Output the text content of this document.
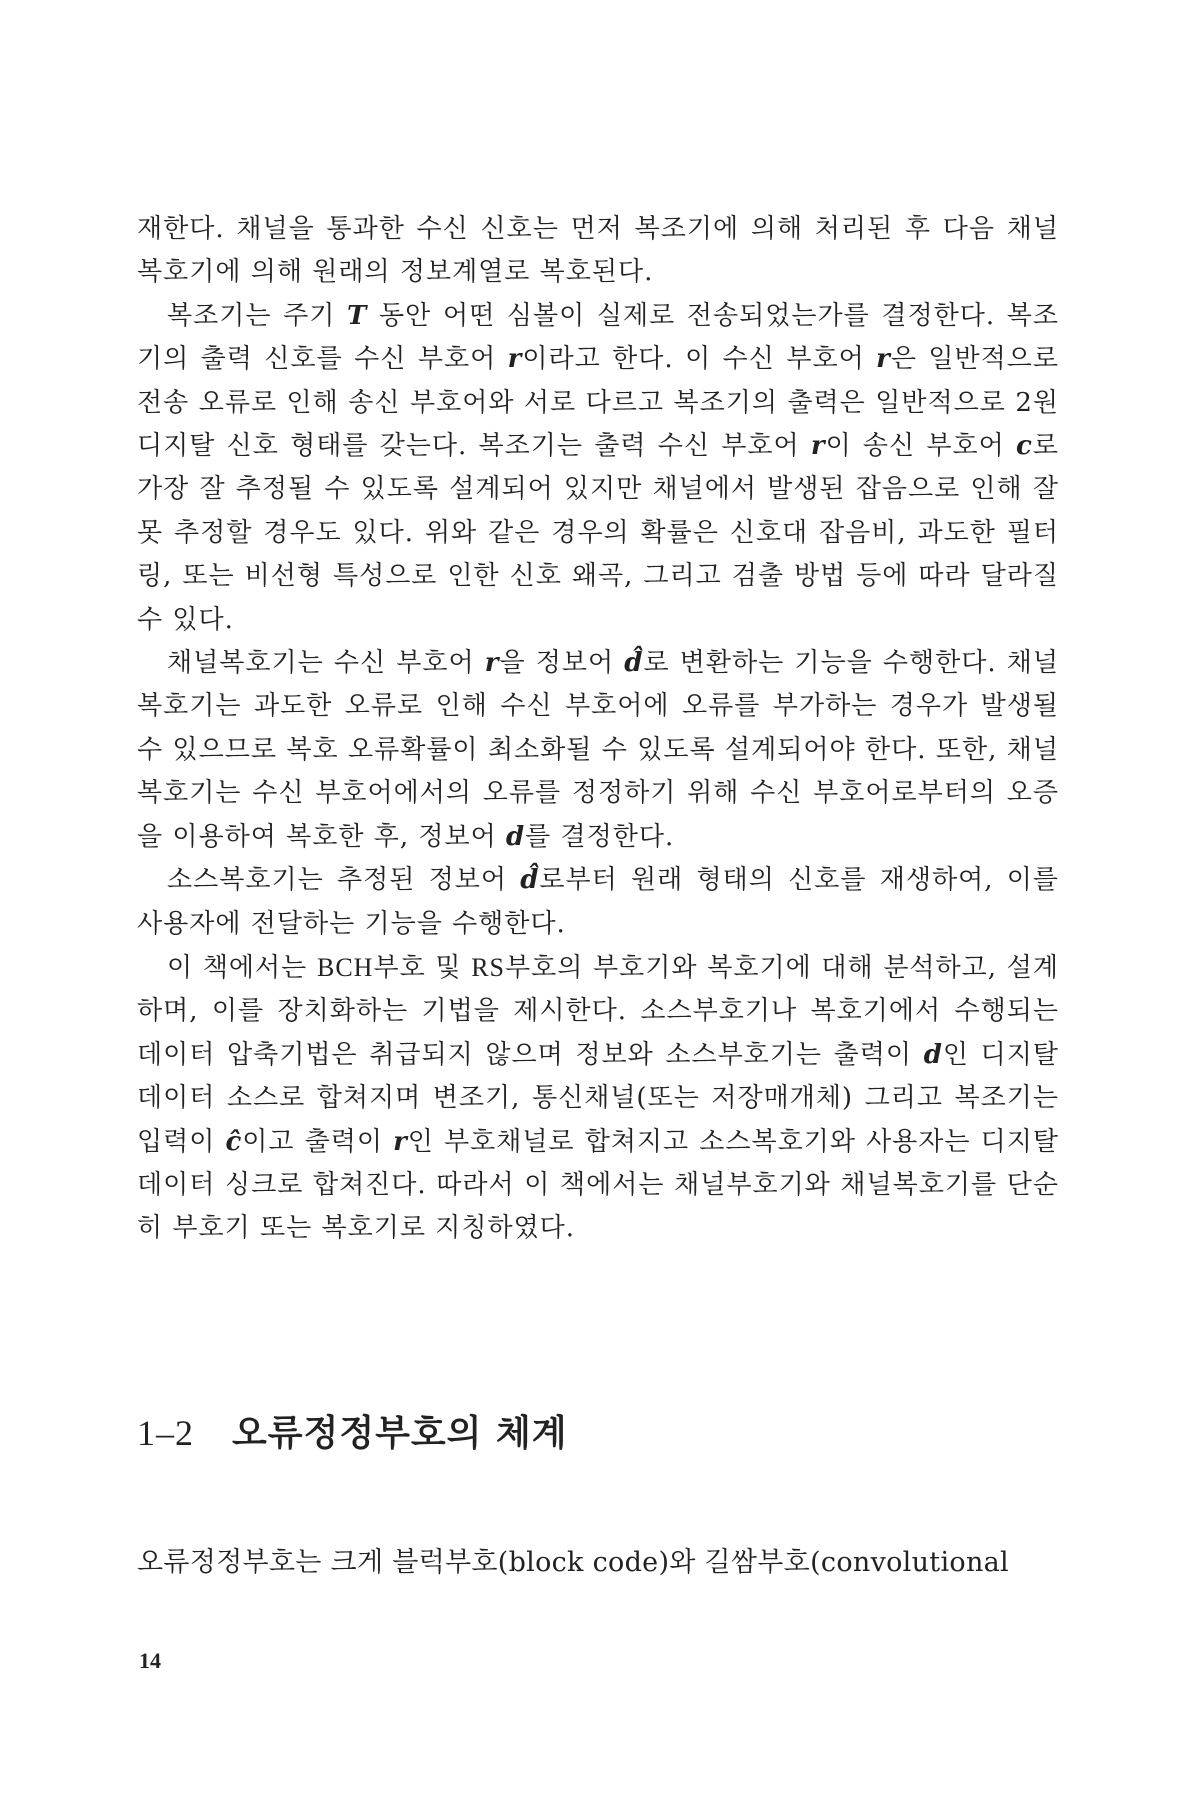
재한다. 채널을 통과한 수신 신호는 먼저 복조기에 의해 처리된 후 다음 채널 복호기에 의해 원래의 정보계열로 복호된다.

복조기는 주기 T 동안 어떤 심볼이 실제로 전송되었는가를 결정한다. 복조기의 출력 신호를 수신 부호어 r이라고 한다. 이 수신 부호어 r은 일반적으로 전송 오류로 인해 송신 부호어와 서로 다르고 복조기의 출력은 일반적으로 2원 디지탈 신호 형태를 갖는다. 복조기는 출력 수신 부호어 r이 송신 부호어 c로 가장 잘 추정될 수 있도록 설계되어 있지만 채널에서 발생된 잡음으로 인해 잘못 추정할 경우도 있다. 위와 같은 경우의 확률은 신호대 잡음비, 과도한 필터링, 또는 비선형 특성으로 인한 신호 왜곡, 그리고 검출 방법 등에 따라 달라질 수 있다.

채널복호기는 수신 부호어 r을 정보어 d̂로 변환하는 기능을 수행한다. 채널복호기는 과도한 오류로 인해 수신 부호어에 오류를 부가하는 경우가 발생될 수 있으므로 복호 오류확률이 최소화될 수 있도록 설계되어야 한다. 또한, 채널복호기는 수신 부호어에서의 오류를 정정하기 위해 수신 부호어로부터의 오증을 이용하여 복호한 후, 정보어 d를 결정한다.

소스복호기는 추정된 정보어 d̂로부터 원래 형태의 신호를 재생하여, 이를 사용자에 전달하는 기능을 수행한다.

이 책에서는 BCH부호 및 RS부호의 부호기와 복호기에 대해 분석하고, 설계하며, 이를 장치화하는 기법을 제시한다. 소스부호기나 복호기에서 수행되는 데이터 압축기법은 취급되지 않으며 정보와 소스부호기는 출력이 d인 디지탈 데이터 소스로 합쳐지며 변조기, 통신채널(또는 저장매개체) 그리고 복조기는 입력이 ĉ이고 출력이 r인 부호채널로 합쳐지고 소스복호기와 사용자는 디지탈 데이터 싱크로 합쳐진다. 따라서 이 책에서는 채널부호기와 채널복호기를 단순히 부호기 또는 복호기로 지칭하였다.

1–2 오류정정부호의 체계

오류정정부호는 크게 블럭부호(block code)와 길쌈부호(convolutional

14
